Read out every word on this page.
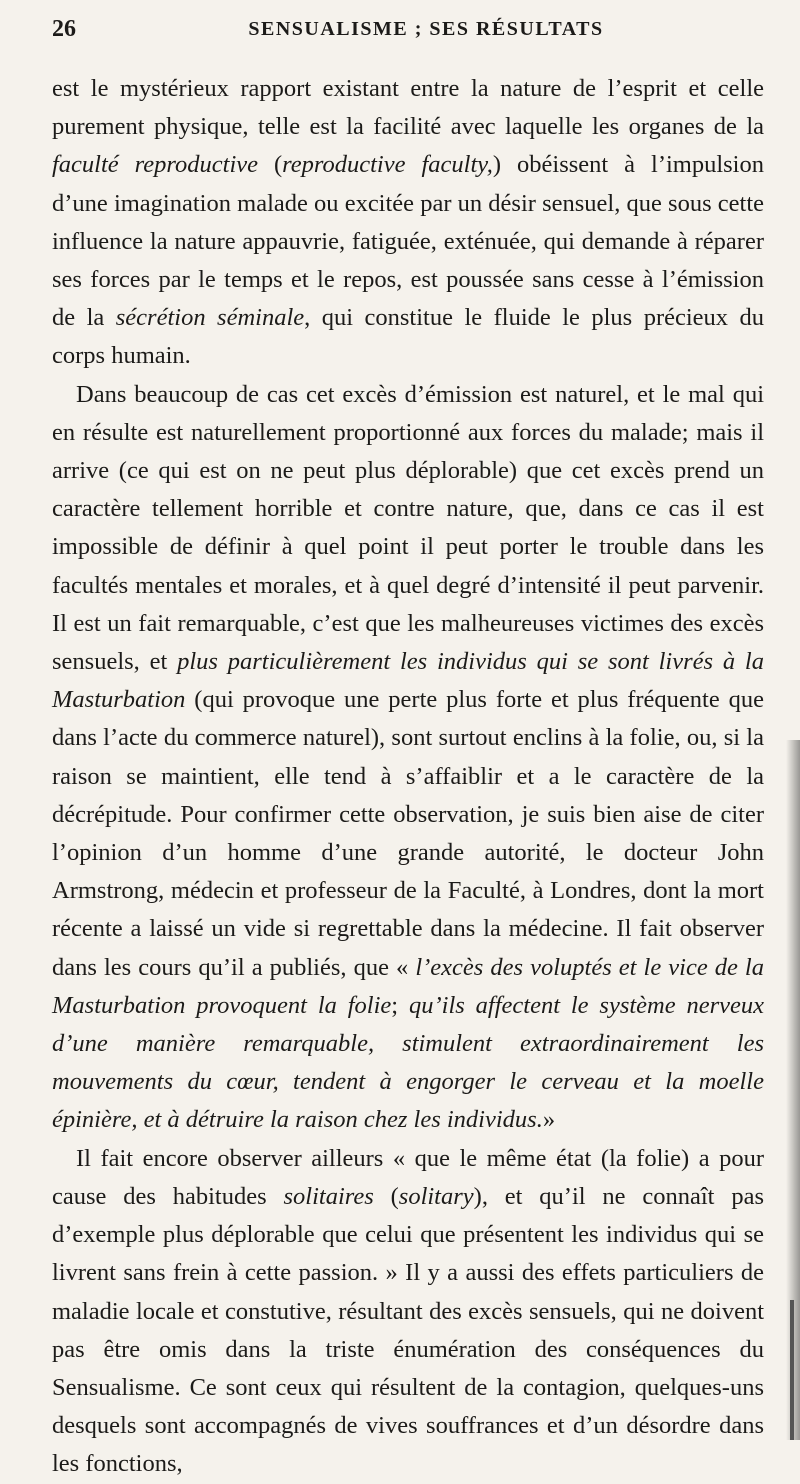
26	SENSUALISME ; SES RÉSULTATS

est le mystérieux rapport existant entre la nature de l’esprit et celle purement physique, telle est la facilité avec laquelle les organes de la faculté reproductive (reproductive faculty,) obéissent à l’impulsion d’une imagination malade ou excitée par un désir sensuel, que sous cette influence la nature appauvrie, fatiguée, exténuée, qui demande à réparer ses forces par le temps et le repos, est poussée sans cesse à l’émission de la sécrétion séminale, qui constitue le fluide le plus précieux du corps humain.

Dans beaucoup de cas cet excès d’émission est naturel, et le mal qui en résulte est naturellement proportionné aux forces du malade; mais il arrive (ce qui est on ne peut plus déplorable) que cet excès prend un caractère tellement horrible et contre nature, que, dans ce cas il est impossible de définir à quel point il peut porter le trouble dans les facultés mentales et morales, et à quel degré d’intensité il peut parvenir. Il est un fait remarquable, c’est que les malheureuses victimes des excès sensuels, et plus particulièrement les individus qui se sont livrés à la Masturbation (qui provoque une perte plus forte et plus fréquente que dans l’acte du commerce naturel), sont surtout enclins à la folie, ou, si la raison se maintient, elle tend à s’affaiblir et a le caractère de la décrépitude. Pour confirmer cette observation, je suis bien aise de citer l’opinion d’un homme d’une grande autorité, le docteur John Armstrong, médecin et professeur de la Faculté, à Londres, dont la mort récente a laissé un vide si regrettable dans la médecine. Il fait observer dans les cours qu’il a publiés, que « l’excès des voluptés et le vice de la Masturbation provoquent la folie; qu’ils affectent le système nerveux d’une manière remarquable, stimulent extraordinairement les mouvements du cœur, tendent à engorger le cerveau et la moelle épinière, et à détruire la raison chez les individus.»

Il fait encore observer ailleurs « que le même état (la folie) a pour cause des habitudes solitaires (solitary), et qu’il ne connaît pas d’exemple plus déplorable que celui que présentent les individus qui se livrent sans frein à cette passion. » Il y a aussi des effets particuliers de maladie locale et constutive, résultant des excès sensuels, qui ne doivent pas être omis dans la triste énumération des conséquences du Sensualisme. Ce sont ceux qui résultent de la contagion, quelques-uns desquels sont accompagnés de vives souffrances et d’un désordre dans les fonctions,
